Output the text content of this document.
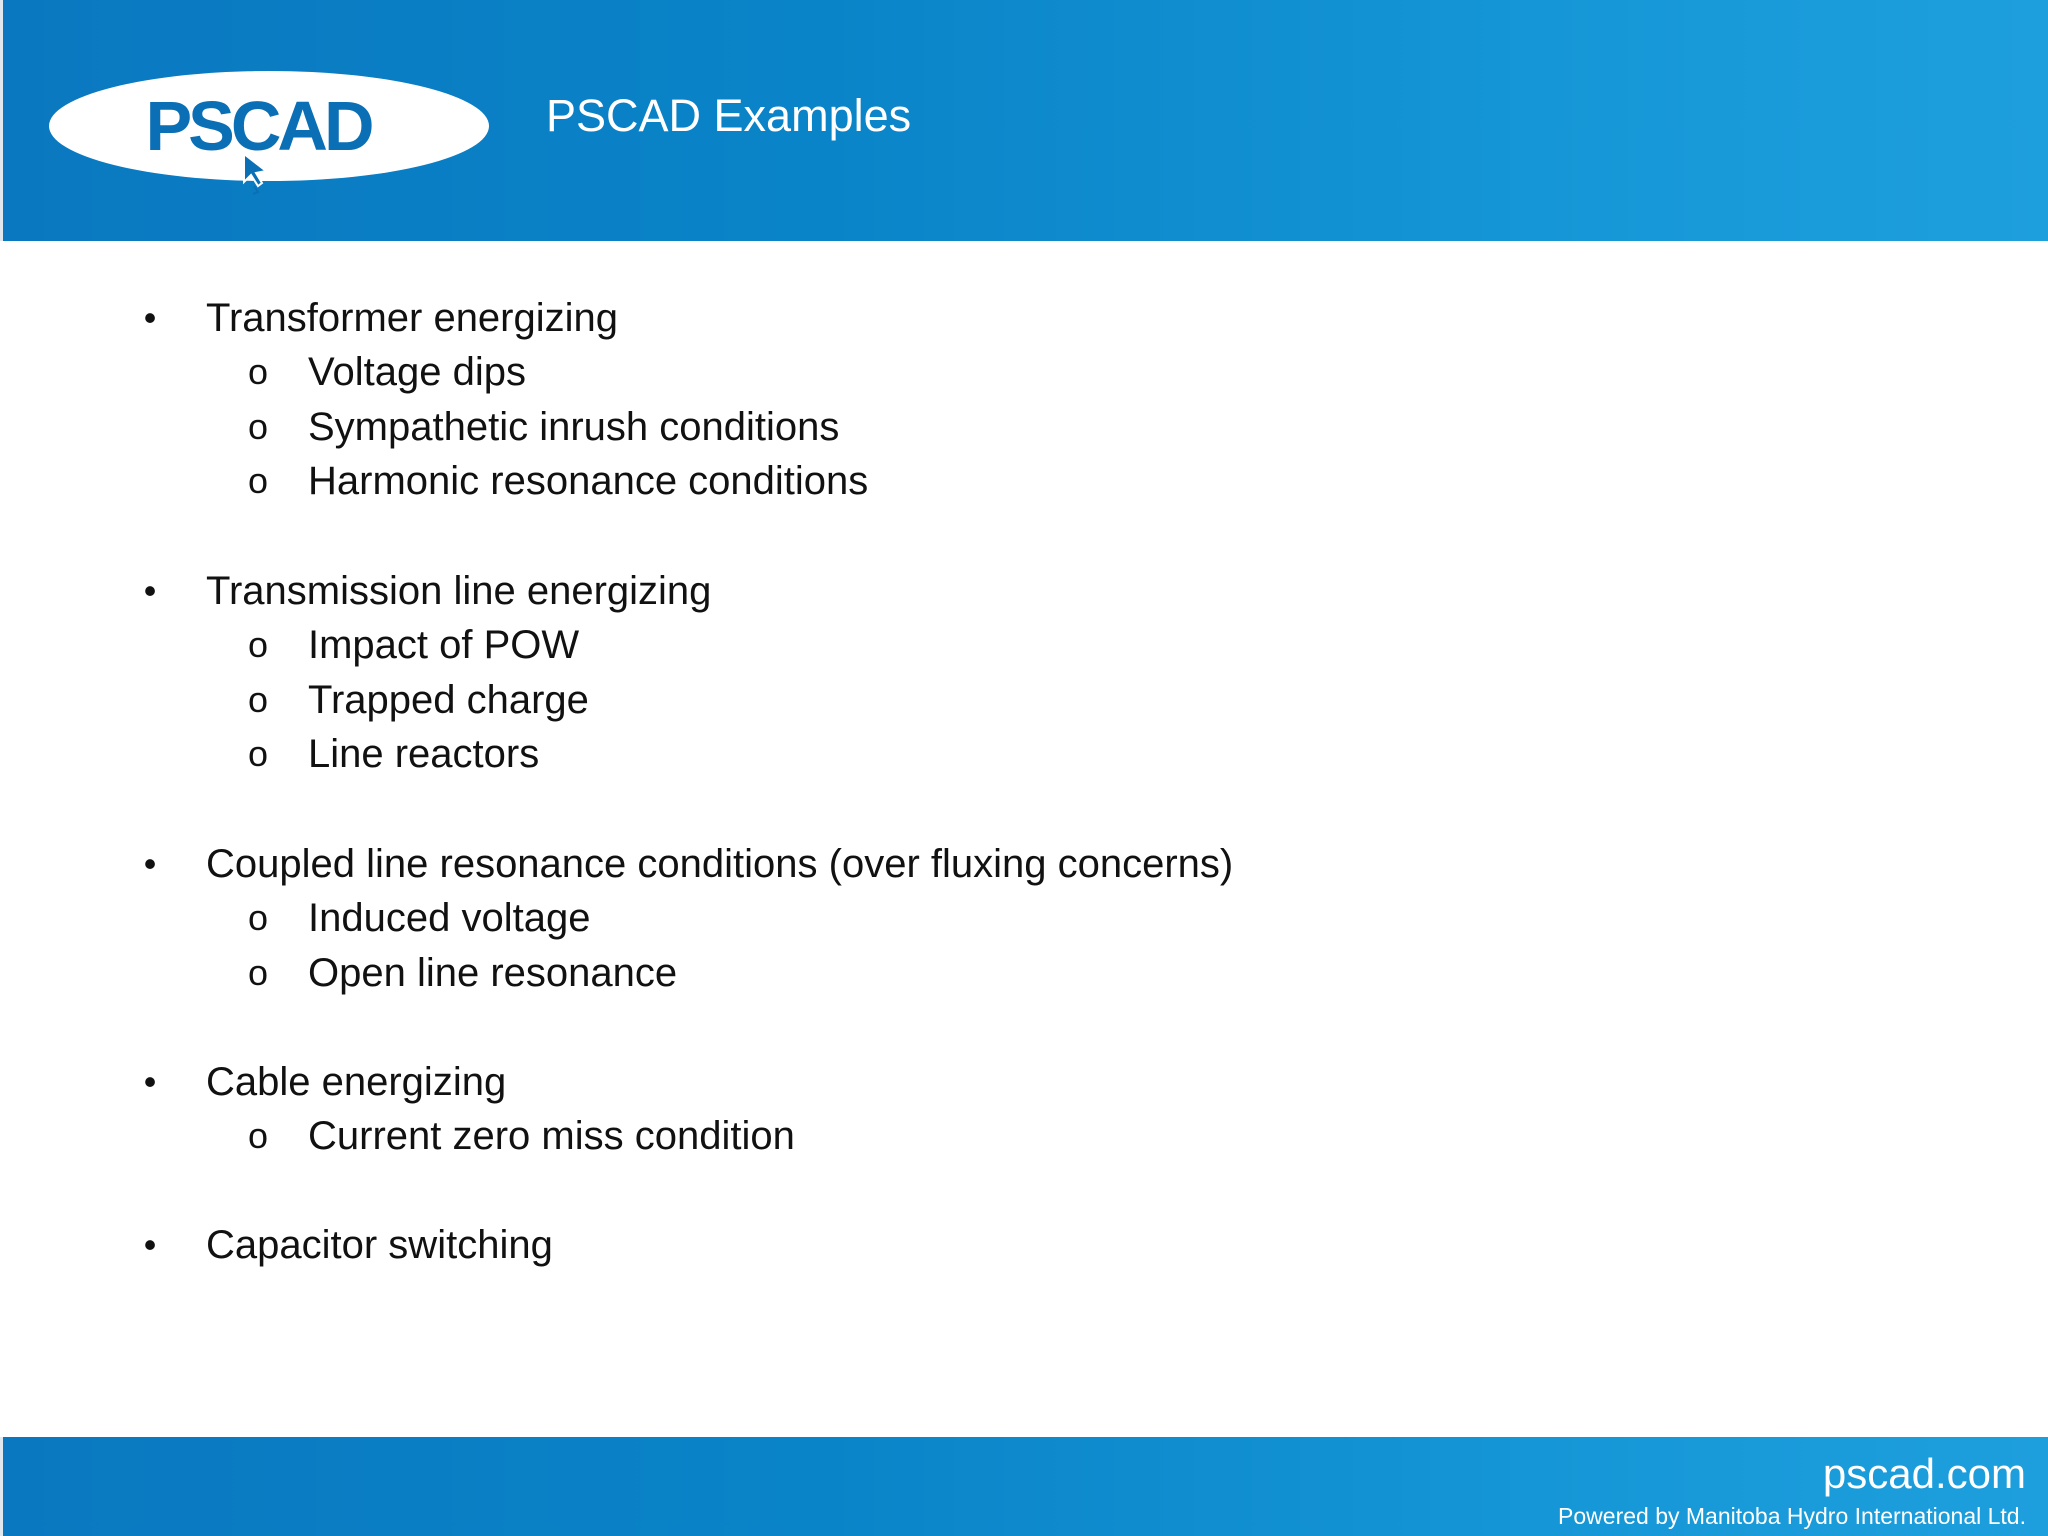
PSCAD	PSCAD Examples
•	Transformer energizing
o Voltage dips
o Sympathetic inrush conditions
o Harmonic resonance conditions
•	Transmission line energizing
o Impact of POW
o Trapped charge
o Line reactors
•	Coupled line resonance conditions (over fluxing concerns)
o Induced voltage
o Open line resonance
•	Cable energizing
o Current zero miss condition
•	Capacitor switching
pscad.com
Powered by Manitoba Hydro International Ltd.
